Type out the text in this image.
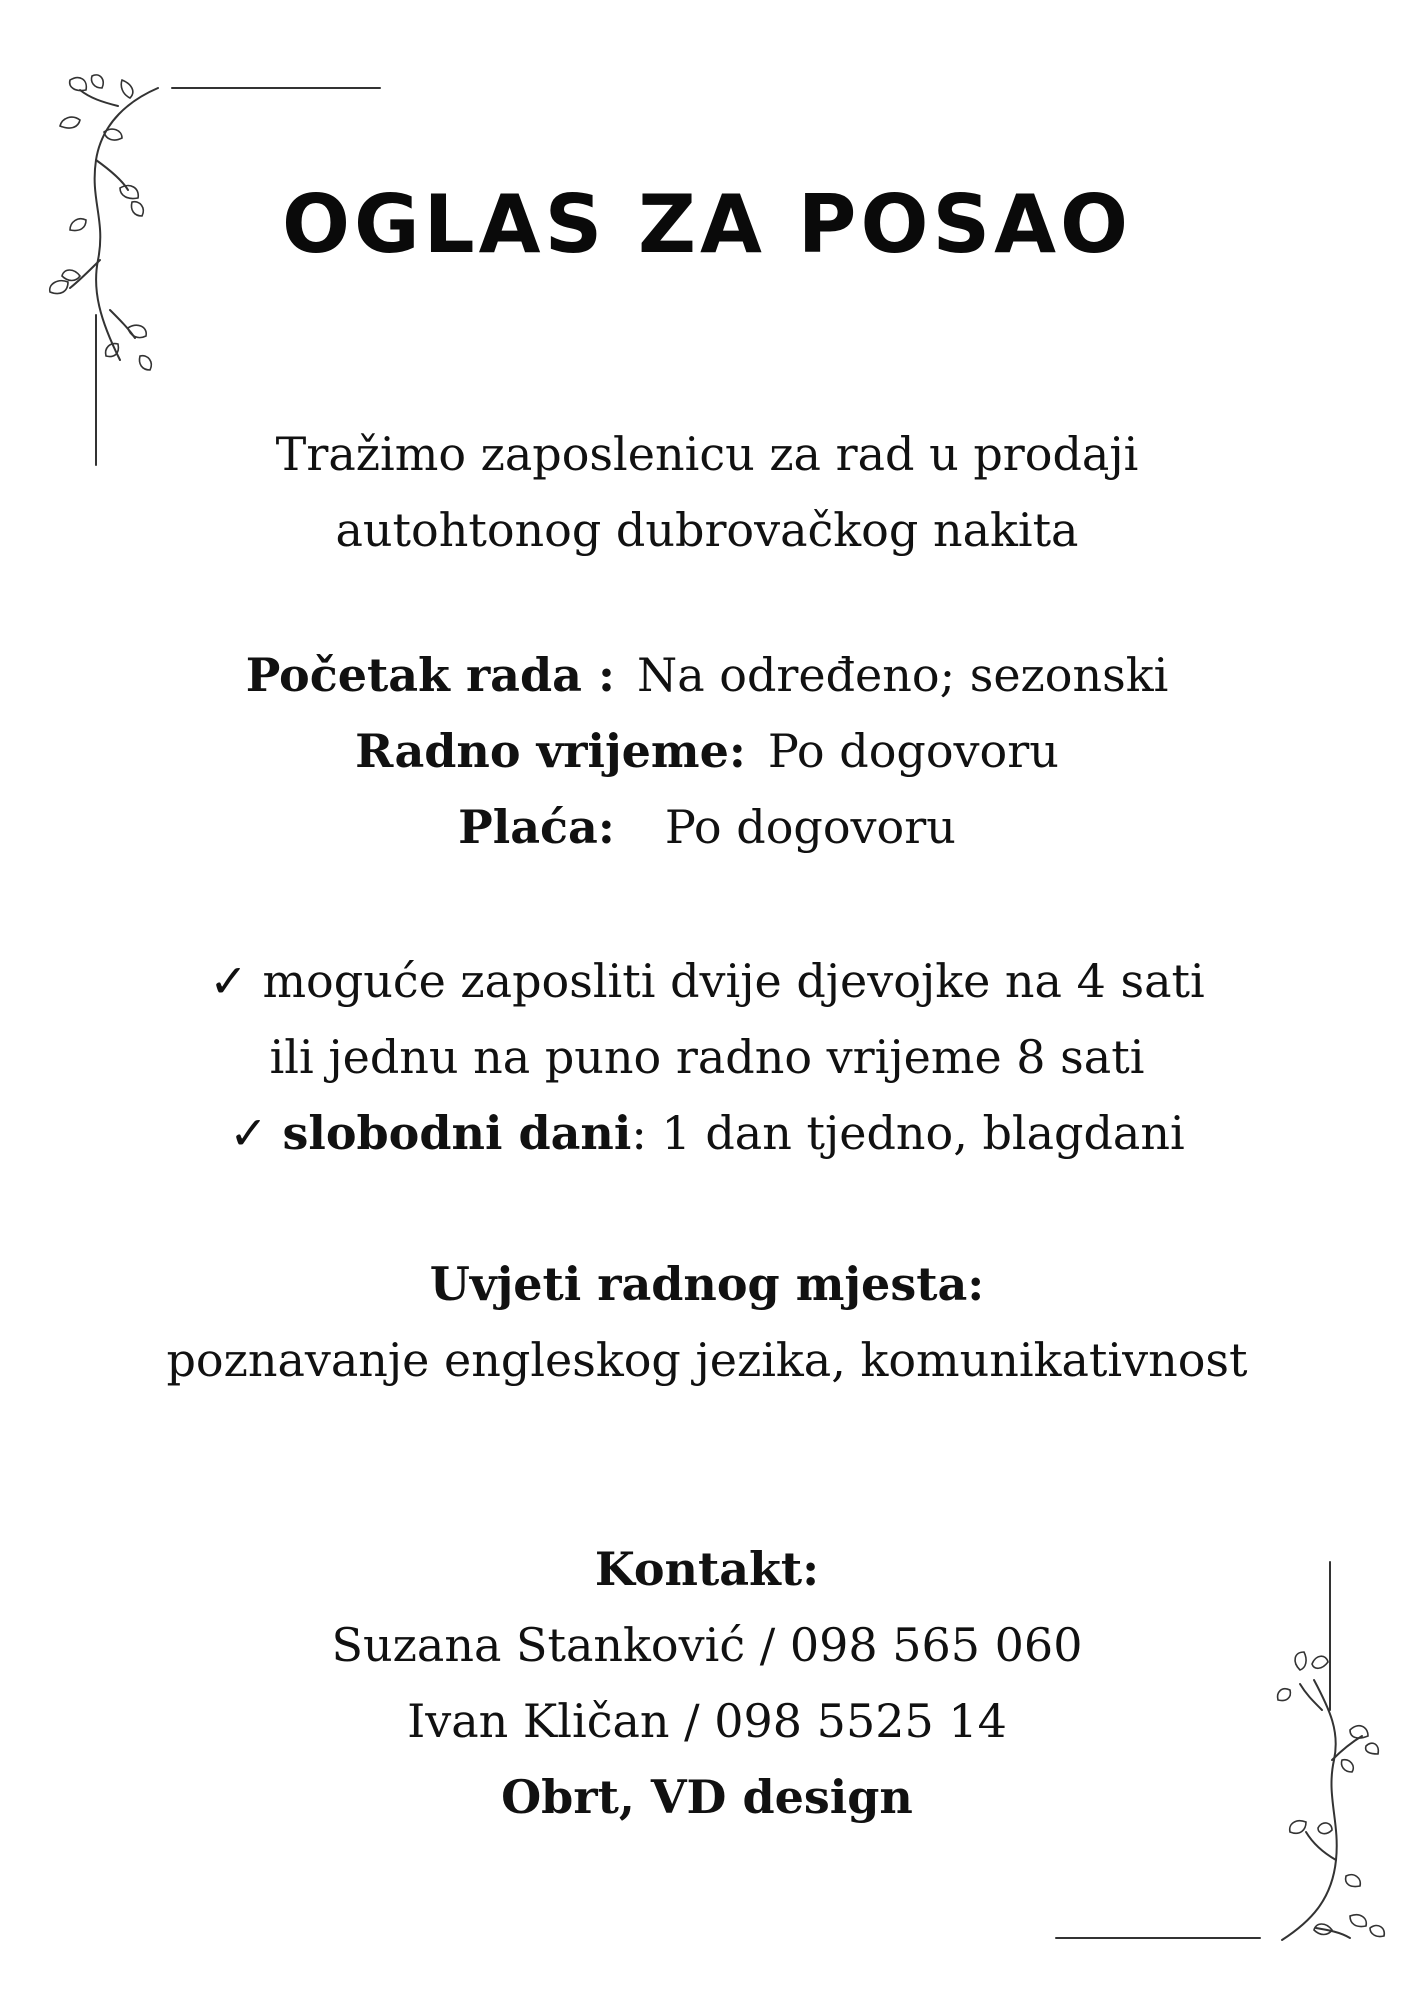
OGLAS ZA POSAO
Tražimo zaposlenicu za rad u prodaji
autohtonog dubrovačkog nakita
Početak rada : Na određeno; sezonski
Radno vrijeme: Po dogovoru
Plaća: Po dogovoru
✓ moguće zaposliti dvije djevojke na 4 sati
ili jednu na puno radno vrijeme 8 sati
✓ slobodni dani: 1 dan tjedno, blagdani
Uvjeti radnog mjesta:
poznavanje engleskog jezika, komunikativnost
Kontakt:
Suzana Stanković / 098 565 060
Ivan Kličan / 098 5525 14
Obrt, VD design
